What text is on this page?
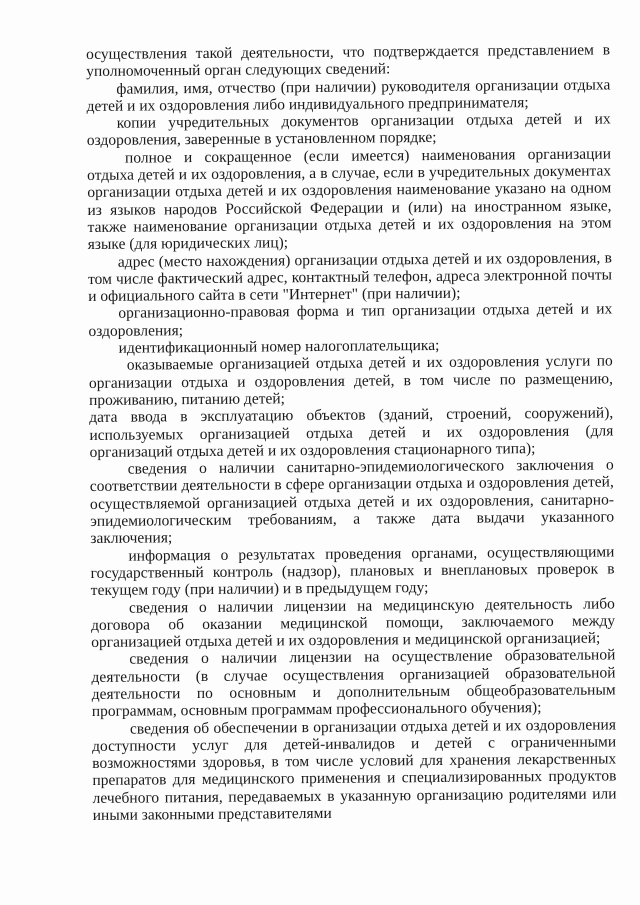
осуществления такой деятельности, что подтверждается представлением в уполномоченный орган следующих сведений:

фамилия, имя, отчество (при наличии) руководителя организации отдыха детей и их оздоровления либо индивидуального предпринимателя;

копии учредительных документов организации отдыха детей и их оздоровления, заверенные в установленном порядке;

полное и сокращенное (если имеется) наименования организации отдыха детей и их оздоровления, а в случае, если в учредительных документах организации отдыха детей и их оздоровления наименование указано на одном из языков народов Российской Федерации и (или) на иностранном языке, также наименование организации отдыха детей и их оздоровления на этом языке (для юридических лиц);

адрес (место нахождения) организации отдыха детей и их оздоровления, в том числе фактический адрес, контактный телефон, адреса электронной почты и официального сайта в сети "Интернет" (при наличии);

организационно-правовая форма и тип организации отдыха детей и их оздоровления;

идентификационный номер налогоплательщика;

оказываемые организацией отдыха детей и их оздоровления услуги по организации отдыха и оздоровления детей, в том числе по размещению, проживанию, питанию детей;

дата ввода в эксплуатацию объектов (зданий, строений, сооружений), используемых организацией отдыха детей и их оздоровления (для организаций отдыха детей и их оздоровления стационарного типа);

сведения о наличии санитарно-эпидемиологического заключения о соответствии деятельности в сфере организации отдыха и оздоровления детей, осуществляемой организацией отдыха детей и их оздоровления, санитарно-эпидемиологическим требованиям, а также дата выдачи указанного заключения;

информация о результатах проведения органами, осуществляющими государственный контроль (надзор), плановых и внеплановых проверок в текущем году (при наличии) и в предыдущем году;

сведения о наличии лицензии на медицинскую деятельность либо договора об оказании медицинской помощи, заключаемого между организацией отдыха детей и их оздоровления и медицинской организацией;

сведения о наличии лицензии на осуществление образовательной деятельности (в случае осуществления организацией образовательной деятельности по основным и дополнительным общеобразовательным программам, основным программам профессионального обучения);

сведения об обеспечении в организации отдыха детей и их оздоровления доступности услуг для детей-инвалидов и детей с ограниченными возможностями здоровья, в том числе условий для хранения лекарственных препаратов для медицинского применения и специализированных продуктов лечебного питания, передаваемых в указанную организацию родителями или иными законными представителями
